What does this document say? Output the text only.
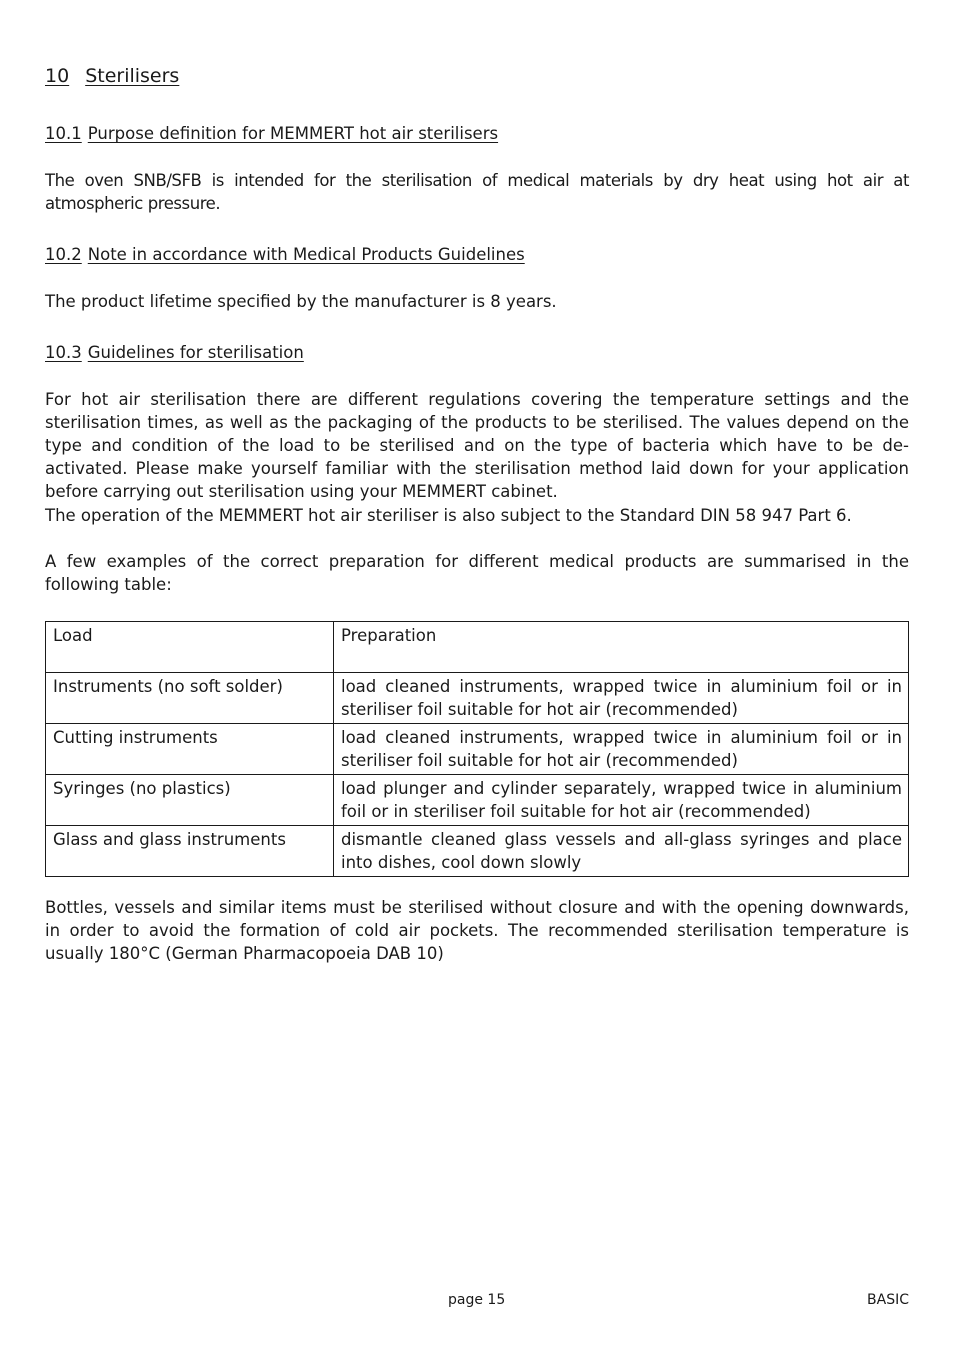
10 Sterilisers
10.1 Purpose definition for MEMMERT hot air sterilisers

The oven SNB/SFB is intended for the sterilisation of medical materials by dry heat using hot air at atmospheric pressure.

10.2 Note in accordance with Medical Products Guidelines

The product lifetime specified by the manufacturer is 8 years.

10.3 Guidelines for sterilisation

For hot air sterilisation there are different regulations covering the temperature settings and the sterilisation times, as well as the packaging of the products to be sterilised. The values depend on the type and condition of the load to be sterilised and on the type of bacteria which have to be de-activated. Please make yourself familiar with the sterilisation method laid down for your application before carrying out sterilisation using your MEMMERT cabinet.

The operation of the MEMMERT hot air steriliser is also subject to the Standard DIN 58 947 Part 6.

A few examples of the correct preparation for different medical products are summarised in the following table:

Load	Preparation
Instruments (no soft solder)	load cleaned instruments, wrapped twice in aluminium foil or in steriliser foil suitable for hot air (recommended)
Cutting instruments	load cleaned instruments, wrapped twice in aluminium foil or in steriliser foil suitable for hot air (recommended)
Syringes (no plastics)	load plunger and cylinder separately, wrapped twice in aluminium foil or in steriliser foil suitable for hot air (recommended)
Glass and glass instruments	dismantle cleaned glass vessels and all-glass syringes and place into dishes, cool down slowly

Bottles, vessels and similar items must be sterilised without closure and with the opening downwards, in order to avoid the formation of cold air pockets. The recommended sterilisation temperature is usually 180°C (German Pharmacopoeia DAB 10)

page 15	BASIC
